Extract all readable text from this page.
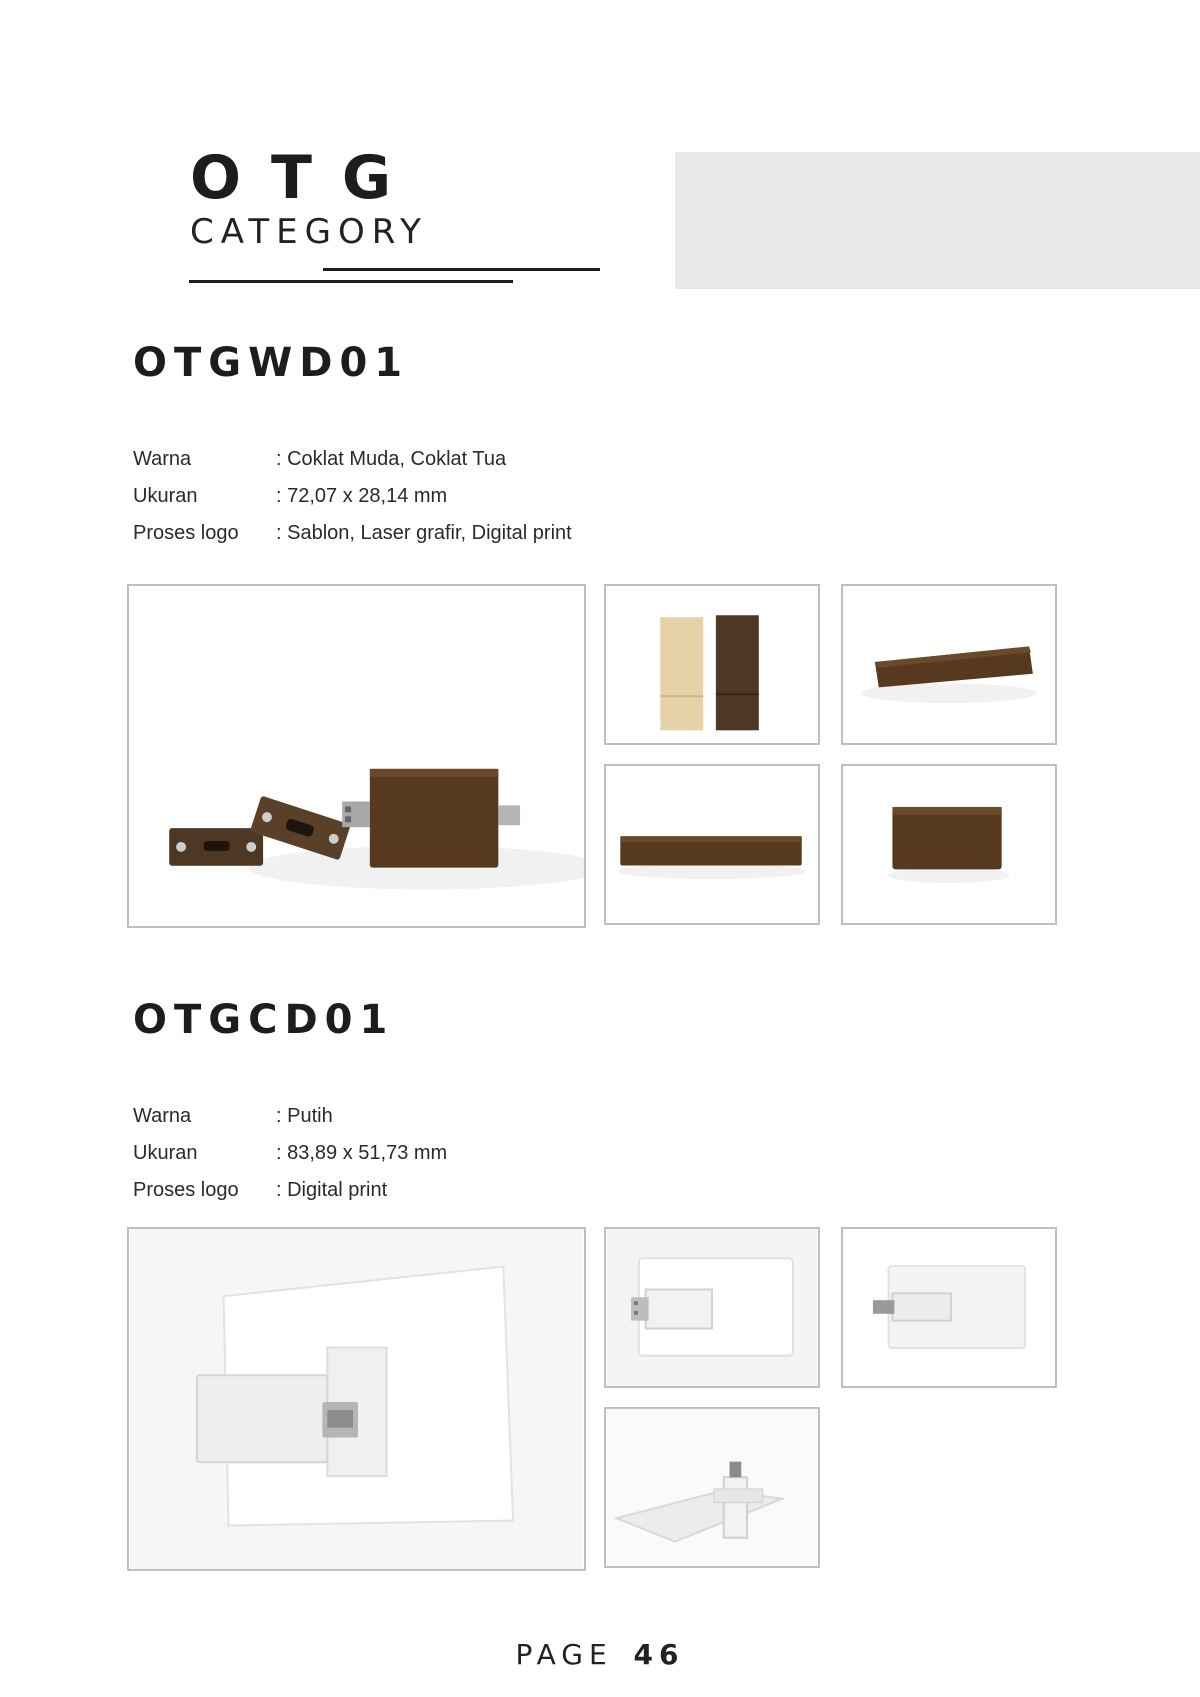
OTG
CATEGORY
OTGWD01
Warna	: Coklat Muda, Coklat Tua
Ukuran	: 72,07 x 28,14 mm
Proses logo : Sablon, Laser grafir, Digital print
OTGCD01
Warna	: Putih
Ukuran	: 83,89 x 51,73 mm
Proses logo : Digital print
PAGE 46
